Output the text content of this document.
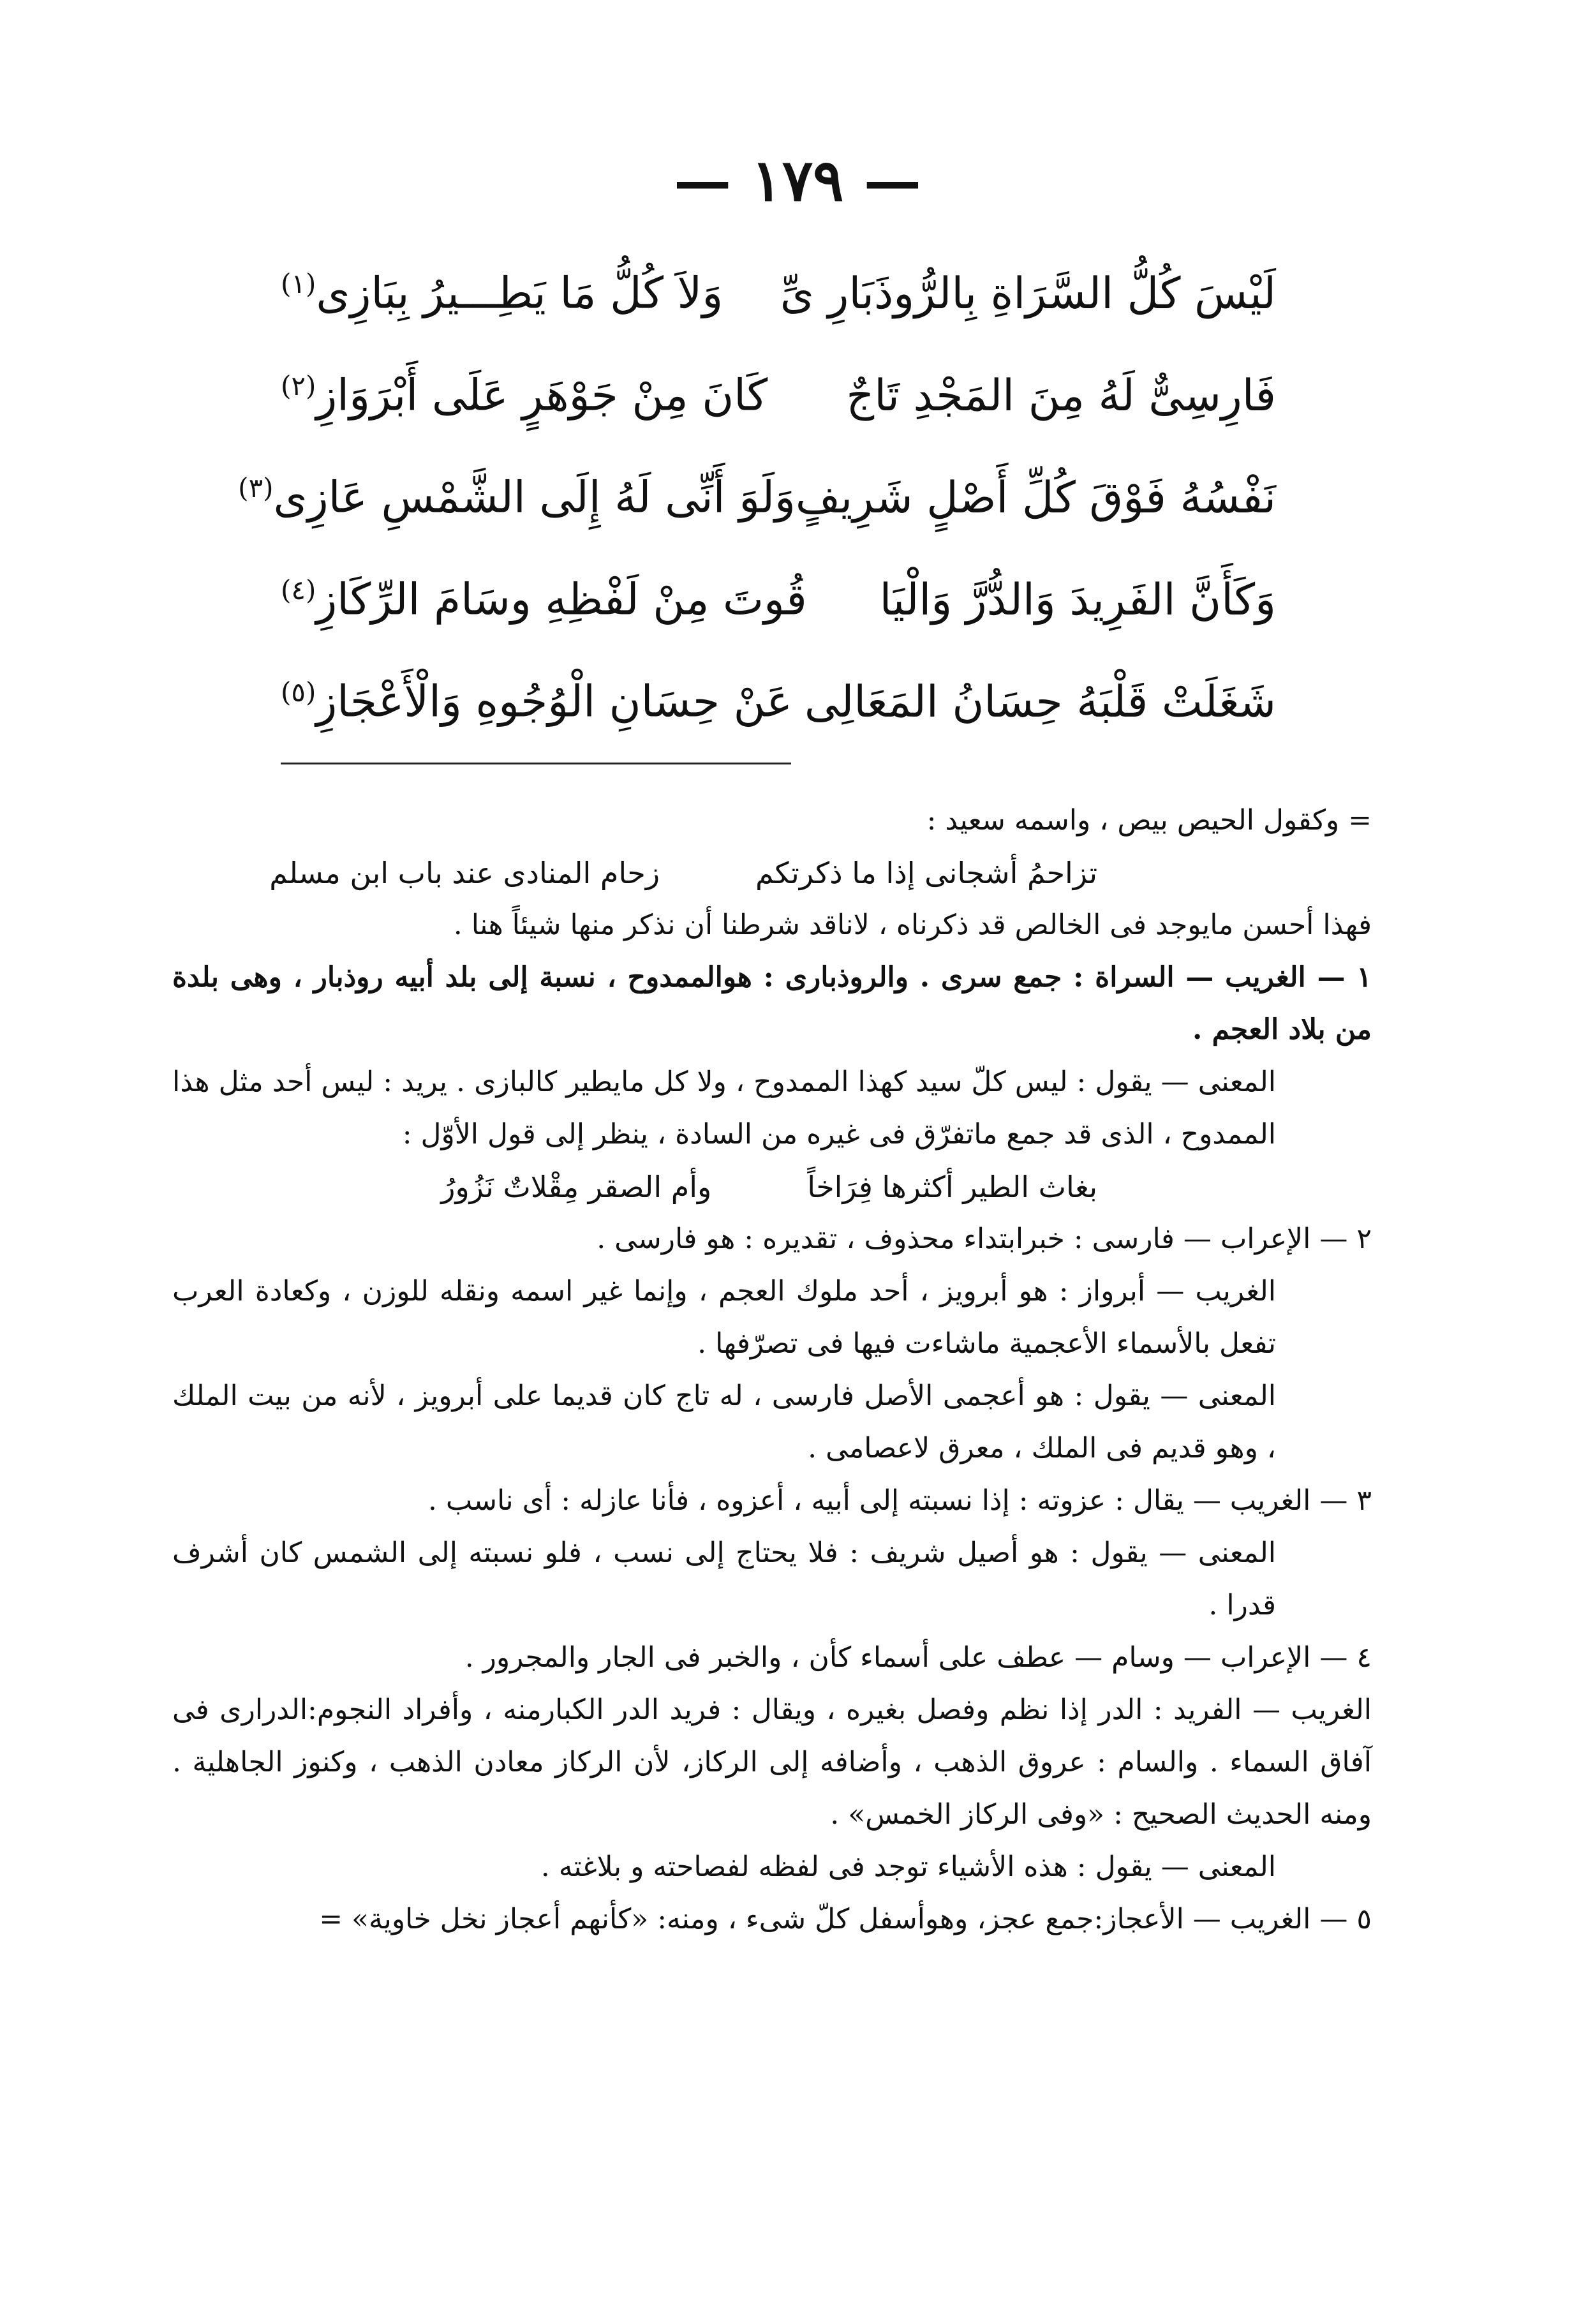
— ١٧٩ —
لَيْسَ كُلُّ السَّرَاةِ بِالرُّوذَبَارِ ىِّ
وَلاَ كُلُّ مَا يَطِـــيرُ بِبَازِى$^{(١)}$
فَارِسِىٌّ لَهُ مِنَ المَجْدِ تَاجٌ
كَانَ مِنْ جَوْهَرٍ عَلَى أَبْرَوَازِ$^{(٢)}$
نَفْسُهُ فَوْقَ كُلِّ أَصْلٍ شَرِيفٍ
وَلَوَ أَنِّى لَهُ إِلَى الشَّمْسِ عَازِى$^{(٣)}$
وَكَأَنَّ الفَرِيدَ وَالدُّرَّ وَالْيَا
قُوتَ مِنْ لَفْظِهِ وسَامَ الرِّكَازِ$^{(٤)}$
شَغَلَتْ قَلْبَهُ حِسَانُ المَعَالِى
عَنْ حِسَانِ الْوُجُوهِ وَالْأَعْجَازِ$^{(٥)}$

= وكقول الحيص بيص ، واسمه سعيد :

تزاحمُ أشجانى إذا ما ذكرتكمزحام المنادى عند باب ابن مسلم

فهذا أحسن مايوجد فى الخالص قد ذكرناه ، لاناقد شرطنا أن نذكر منها شيئاً هنا .

١ — الغريب — السراة : جمع سرى . والروذبارى : هوالممدوح ، نسبة إلى بلد أبيه روذبار ، وهى بلدة من بلاد العجم .

المعنى — يقول : ليس كلّ سيد كهذا الممدوح ، ولا كل مايطير كالبازى . يريد : ليس أحد مثل هذا الممدوح ، الذى قد جمع ماتفرّق فى غيره من السادة ، ينظر إلى قول الأوّل :

بغاث الطير أكثرها فِرَاخاًوأم الصقر مِقْلاتٌ نَزُورُ

٢ — الإعراب — فارسى : خبرابتداء محذوف ، تقديره : هو فارسى .

الغريب — أبرواز : هو أبرويز ، أحد ملوك العجم ، وإنما غير اسمه ونقله للوزن ، وكعادة العرب تفعل بالأسماء الأعجمية ماشاءت فيها فى تصرّفها .

المعنى — يقول : هو أعجمى الأصل فارسى ، له تاج كان قديما على أبرويز ، لأنه من بيت الملك ، وهو قديم فى الملك ، معرق لاعصامى .

٣ — الغريب — يقال : عزوته : إذا نسبته إلى أبيه ، أعزوه ، فأنا عازله : أى ناسب .

المعنى — يقول : هو أصيل شريف : فلا يحتاج إلى نسب ، فلو نسبته إلى الشمس كان أشرف قدرا .

٤ — الإعراب — وسام — عطف على أسماء كأن ، والخبر فى الجار والمجرور .

الغريب — الفريد : الدر إذا نظم وفصل بغيره ، ويقال : فريد الدر الكبارمنه ، وأفراد النجوم:الدرارى فى آفاق السماء . والسام : عروق الذهب ، وأضافه إلى الركاز، لأن الركاز معادن الذهب ، وكنوز الجاهلية . ومنه الحديث الصحيح : «وفى الركاز الخمس» .

المعنى — يقول : هذه الأشياء توجد فى لفظه لفصاحته و بلاغته .

٥ — الغريب — الأعجاز:جمع عجز، وهوأسفل كلّ شىء ، ومنه: «كأنهم أعجاز نخل خاوية» =
